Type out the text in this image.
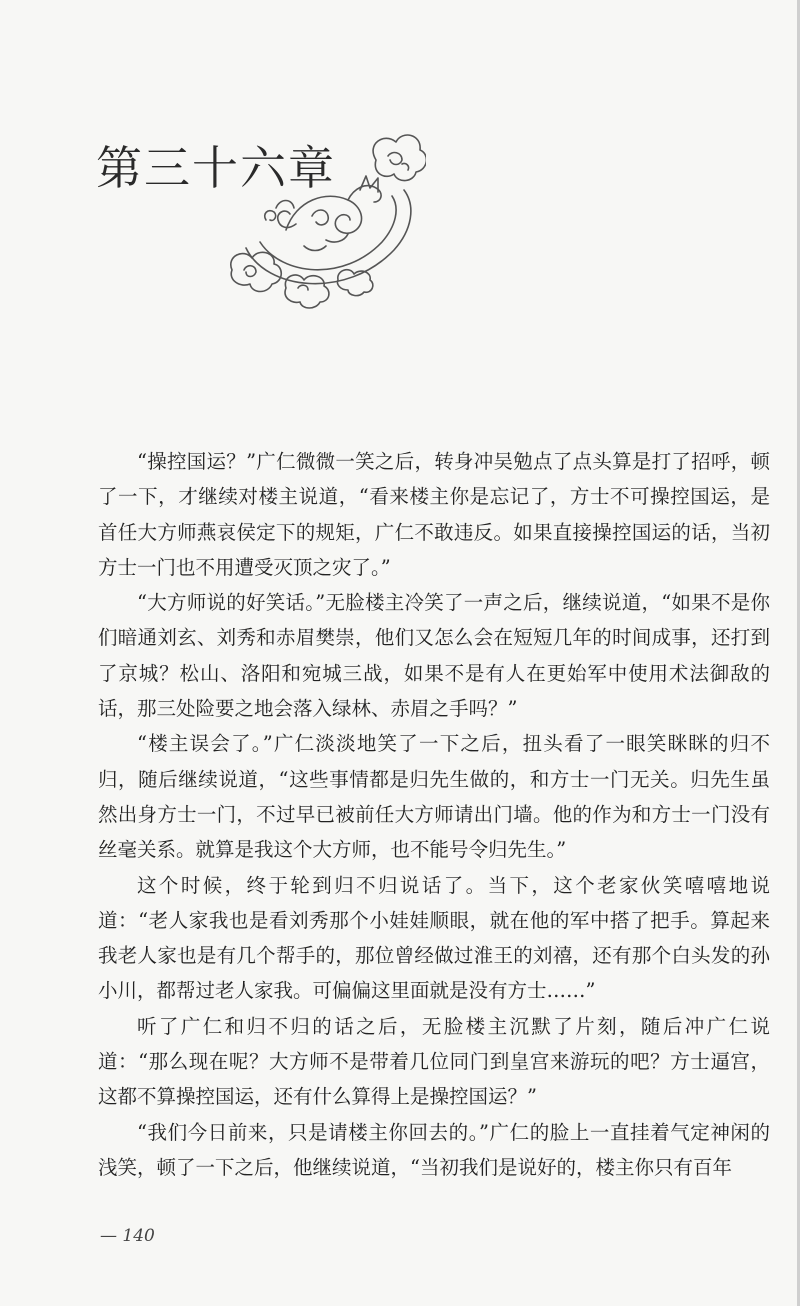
第三十六章

“操控国运？”广仁微微一笑之后，转身冲吴勉点了点头算是打了招呼，顿了一下，才继续对楼主说道，“看来楼主你是忘记了，方士不可操控国运，是首任大方师燕哀侯定下的规矩，广仁不敢违反。如果直接操控国运的话，当初方士一门也不用遭受灭顶之灾了。”

“大方师说的好笑话。”无脸楼主冷笑了一声之后，继续说道，“如果不是你们暗通刘玄、刘秀和赤眉樊崇，他们又怎么会在短短几年的时间成事，还打到了京城？松山、洛阳和宛城三战，如果不是有人在更始军中使用术法御敌的话，那三处险要之地会落入绿林、赤眉之手吗？”

“楼主误会了。”广仁淡淡地笑了一下之后，扭头看了一眼笑眯眯的归不归，随后继续说道，“这些事情都是归先生做的，和方士一门无关。归先生虽然出身方士一门，不过早已被前任大方师请出门墙。他的作为和方士一门没有丝毫关系。就算是我这个大方师，也不能号令归先生。”

这个时候，终于轮到归不归说话了。当下，这个老家伙笑嘻嘻地说道：“老人家我也是看刘秀那个小娃娃顺眼，就在他的军中搭了把手。算起来我老人家也是有几个帮手的，那位曾经做过淮王的刘禧，还有那个白头发的孙小川，都帮过老人家我。可偏偏这里面就是没有方士……”

听了广仁和归不归的话之后，无脸楼主沉默了片刻，随后冲广仁说道：“那么现在呢？大方师不是带着几位同门到皇宫来游玩的吧？方士逼宫，这都不算操控国运，还有什么算得上是操控国运？”

“我们今日前来，只是请楼主你回去的。”广仁的脸上一直挂着气定神闲的浅笑，顿了一下之后，他继续说道，“当初我们是说好的，楼主你只有百年

— 140
